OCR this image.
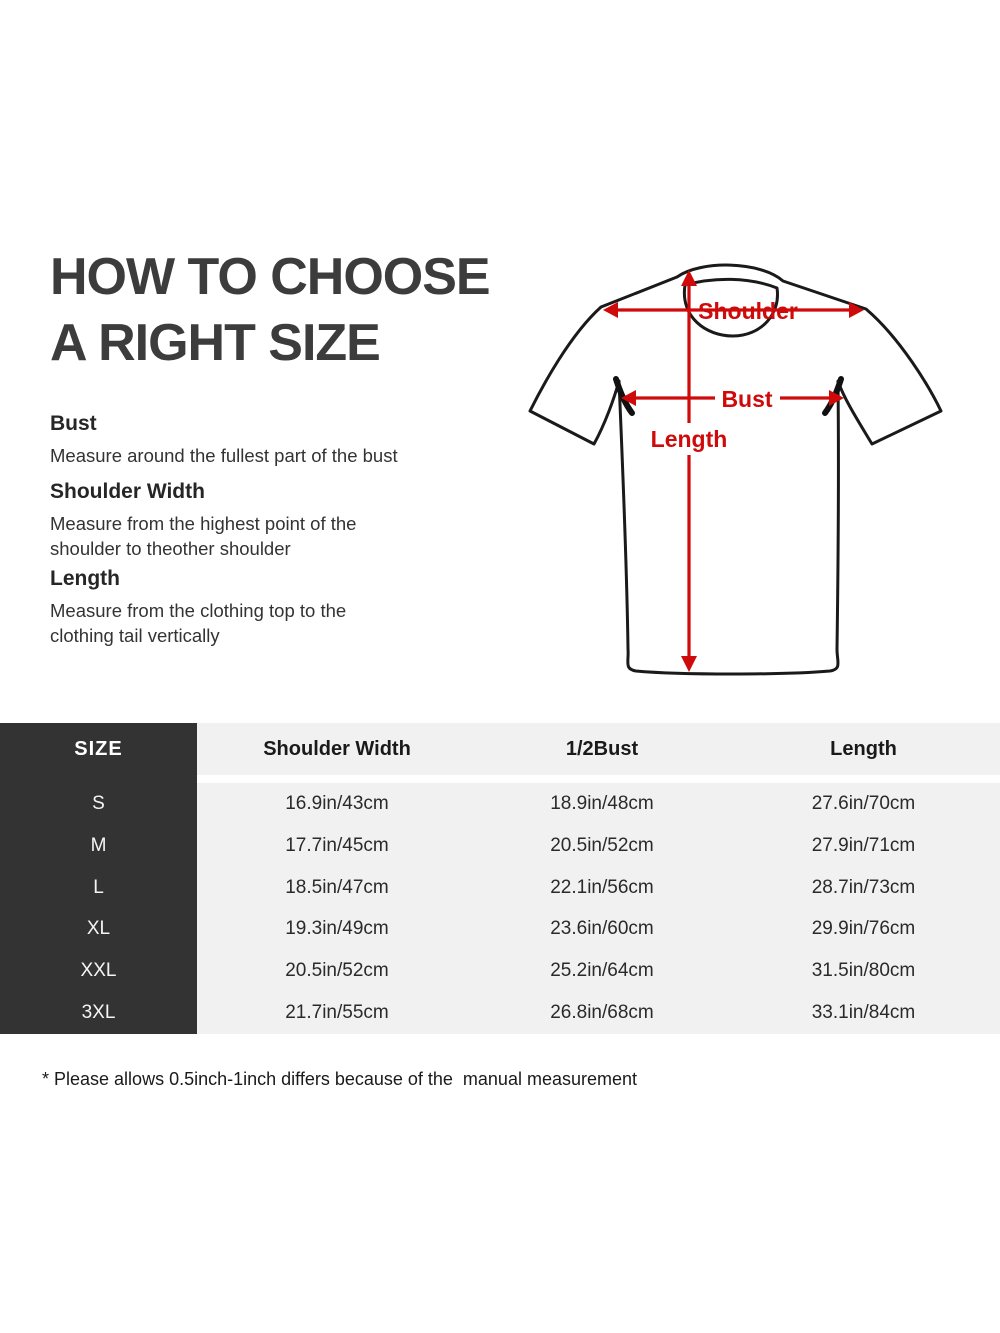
HOW TO CHOOSE
A RIGHT SIZE
Bust

Measure around the fullest part of the bust

Shoulder Width

Measure from the highest point of the

shoulder to theother shoulder

Length

Measure from the clothing top to the

clothing tail vertically

Shoulder
Bust
Length
SIZE	Shoulder Width	1/2Bust	Length
S	16.9in/43cm	18.9in/48cm	27.6in/70cm
M	17.7in/45cm	20.5in/52cm	27.9in/71cm
L	18.5in/47cm	22.1in/56cm	28.7in/73cm
XL	19.3in/49cm	23.6in/60cm	29.9in/76cm
XXL	20.5in/52cm	25.2in/64cm	31.5in/80cm
3XL	21.7in/55cm	26.8in/68cm	33.1in/84cm
* Please allows 0.5inch-1inch differs because of the  manual measurement
